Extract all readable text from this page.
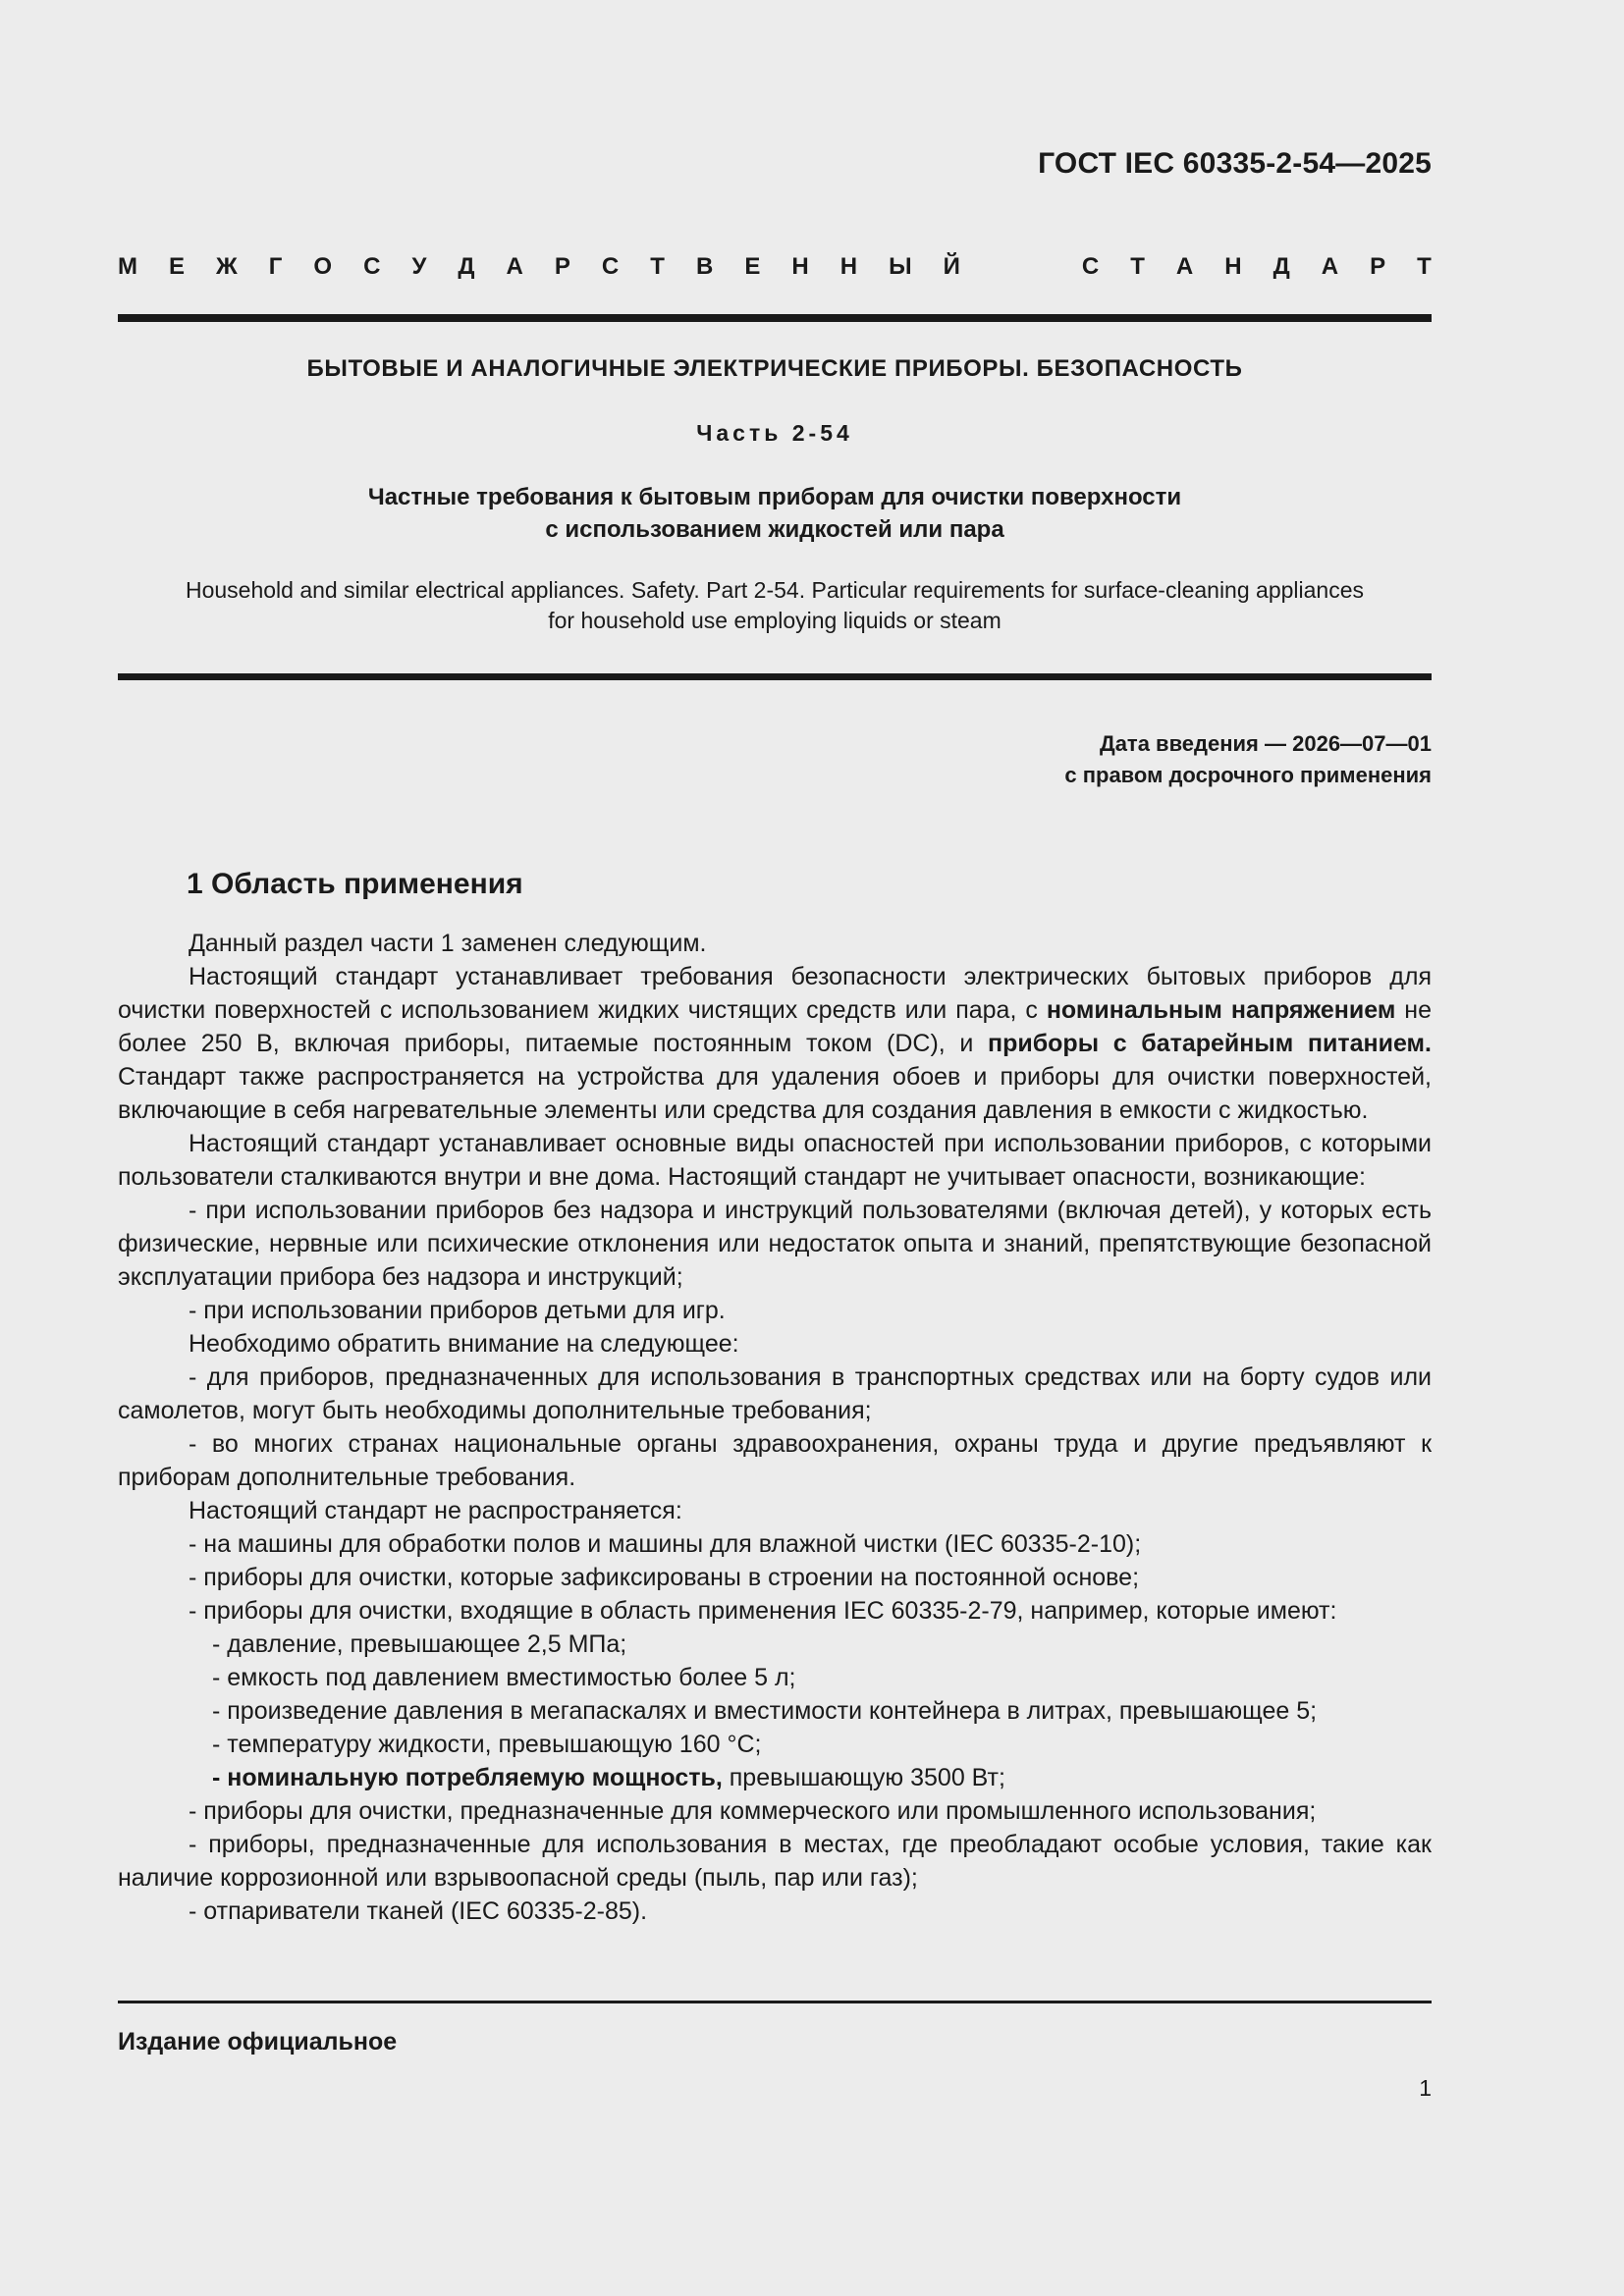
ГОСТ IEC 60335-2-54—2025
М Е Ж Г О С У Д А Р С Т В Е Н Н Ы Й	С Т А Н Д А Р Т
БЫТОВЫЕ И АНАЛОГИЧНЫЕ ЭЛЕКТРИЧЕСКИЕ ПРИБОРЫ. БЕЗОПАСНОСТЬ
Часть 2-54
Частные требования к бытовым приборам для очистки поверхности
с использованием жидкостей или пара
Household and similar electrical appliances. Safety. Part 2-54. Particular requirements for surface-cleaning appliances
for household use employing liquids or steam
Дата введения — 2026—07—01
с правом досрочного применения
1 Область применения

Данный раздел части 1 заменен следующим.

Настоящий стандарт устанавливает требования безопасности электрических бытовых приборов для очистки поверхностей с использованием жидких чистящих средств или пара, с номинальным напряжением не более 250 В, включая приборы, питаемые постоянным током (DC), и приборы с батарейным питанием. Стандарт также распространяется на устройства для удаления обоев и приборы для очистки поверхностей, включающие в себя нагревательные элементы или средства для создания давления в емкости с жидкостью.

Настоящий стандарт устанавливает основные виды опасностей при использовании приборов, с которыми пользователи сталкиваются внутри и вне дома. Настоящий стандарт не учитывает опасности, возникающие:

- при использовании приборов без надзора и инструкций пользователями (включая детей), у которых есть физические, нервные или психические отклонения или недостаток опыта и знаний, препятствующие безопасной эксплуатации прибора без надзора и инструкций;

- при использовании приборов детьми для игр.

Необходимо обратить внимание на следующее:

- для приборов, предназначенных для использования в транспортных средствах или на борту судов или самолетов, могут быть необходимы дополнительные требования;

- во многих странах национальные органы здравоохранения, охраны труда и другие предъявляют к приборам дополнительные требования.

Настоящий стандарт не распространяется:

- на машины для обработки полов и машины для влажной чистки (IEC 60335-2-10);

- приборы для очистки, которые зафиксированы в строении на постоянной основе;

- приборы для очистки, входящие в область применения IEC 60335-2-79, например, которые имеют:

- давление, превышающее 2,5 МПа;

- емкость под давлением вместимостью более 5 л;

- произведение давления в мегапаскалях и вместимости контейнера в литрах, превышающее 5;

- температуру жидкости, превышающую 160 °С;

- номинальную потребляемую мощность, превышающую 3500 Вт;

- приборы для очистки, предназначенные для коммерческого или промышленного использования;

- приборы, предназначенные для использования в местах, где преобладают особые условия, такие как наличие коррозионной или взрывоопасной среды (пыль, пар или газ);

- отпариватели тканей (IEC 60335-2-85).

Издание официальное
1
